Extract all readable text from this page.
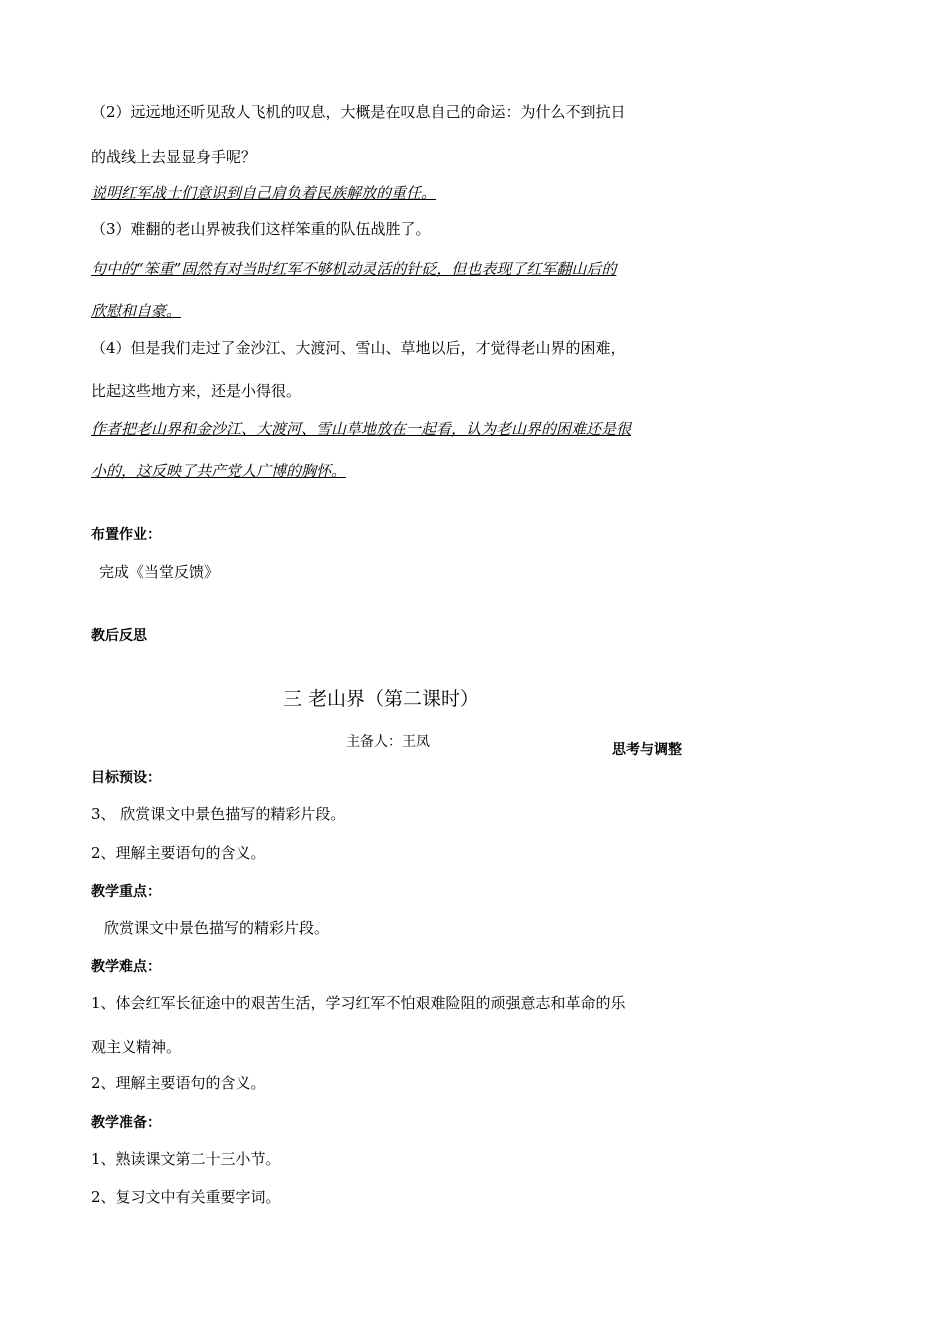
（2）远远地还听见敌人飞机的叹息，大概是在叹息自己的命运：为什么不到抗日
的战线上去显显身手呢？
说明红军战士们意识到自己肩负着民族解放的重任。
（3）难翻的老山界被我们这样笨重的队伍战胜了。
句中的“笨重”固然有对当时红军不够机动灵活的针砭，但也表现了红军翻山后的
欣慰和自豪。
（4）但是我们走过了金沙江、大渡河、雪山、草地以后，才觉得老山界的困难，
比起这些地方来，还是小得很。
作者把老山界和金沙江、大渡河、雪山草地放在一起看，认为老山界的困难还是很
小的，这反映了共产党人广博的胸怀。
布置作业：
完成《当堂反馈》
教后反思
三 老山界（第二课时）
主备人：王凤	思考与调整
目标预设：
3、 欣赏课文中景色描写的精彩片段。
2、理解主要语句的含义。
教学重点：
欣赏课文中景色描写的精彩片段。
教学难点：
1、体会红军长征途中的艰苦生活，学习红军不怕艰难险阻的顽强意志和革命的乐
观主义精神。
2、理解主要语句的含义。
教学准备：
1、熟读课文第二十三小节。
2、复习文中有关重要字词。
